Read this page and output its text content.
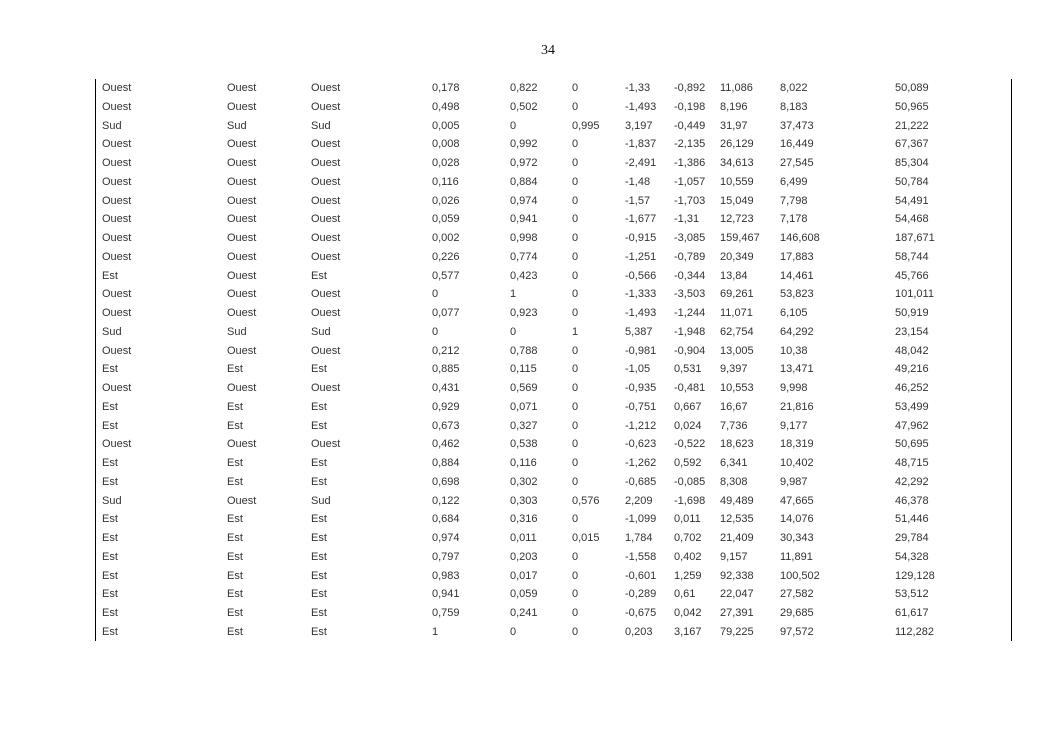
34
	Ouest	Ouest	Ouest	0,178	0,822	0	-1,33	-0,892	11,086	8,022	50,089
	Ouest	Ouest	Ouest	0,498	0,502	0	-1,493	-0,198	8,196	8,183	50,965
	Sud	Sud	Sud	0,005	0	0,995	3,197	-0,449	31,97	37,473	21,222
	Ouest	Ouest	Ouest	0,008	0,992	0	-1,837	-2,135	26,129	16,449	67,367
	Ouest	Ouest	Ouest	0,028	0,972	0	-2,491	-1,386	34,613	27,545	85,304
	Ouest	Ouest	Ouest	0,116	0,884	0	-1,48	-1,057	10,559	6,499	50,784
	Ouest	Ouest	Ouest	0,026	0,974	0	-1,57	-1,703	15,049	7,798	54,491
	Ouest	Ouest	Ouest	0,059	0,941	0	-1,677	-1,31	12,723	7,178	54,468
	Ouest	Ouest	Ouest	0,002	0,998	0	-0,915	-3,085	159,467	146,608	187,671
	Ouest	Ouest	Ouest	0,226	0,774	0	-1,251	-0,789	20,349	17,883	58,744
	Est	Ouest	Est	0,577	0,423	0	-0,566	-0,344	13,84	14,461	45,766
	Ouest	Ouest	Ouest	0	1	0	-1,333	-3,503	69,261	53,823	101,011
	Ouest	Ouest	Ouest	0,077	0,923	0	-1,493	-1,244	11,071	6,105	50,919
	Sud	Sud	Sud	0	0	1	5,387	-1,948	62,754	64,292	23,154
	Ouest	Ouest	Ouest	0,212	0,788	0	-0,981	-0,904	13,005	10,38	48,042
	Est	Est	Est	0,885	0,115	0	-1,05	0,531	9,397	13,471	49,216
	Ouest	Ouest	Ouest	0,431	0,569	0	-0,935	-0,481	10,553	9,998	46,252
	Est	Est	Est	0,929	0,071	0	-0,751	0,667	16,67	21,816	53,499
	Est	Est	Est	0,673	0,327	0	-1,212	0,024	7,736	9,177	47,962
	Ouest	Ouest	Ouest	0,462	0,538	0	-0,623	-0,522	18,623	18,319	50,695
	Est	Est	Est	0,884	0,116	0	-1,262	0,592	6,341	10,402	48,715
	Est	Est	Est	0,698	0,302	0	-0,685	-0,085	8,308	9,987	42,292
	Sud	Ouest	Sud	0,122	0,303	0,576	2,209	-1,698	49,489	47,665	46,378
	Est	Est	Est	0,684	0,316	0	-1,099	0,011	12,535	14,076	51,446
	Est	Est	Est	0,974	0,011	0,015	1,784	0,702	21,409	30,343	29,784
	Est	Est	Est	0,797	0,203	0	-1,558	0,402	9,157	11,891	54,328
	Est	Est	Est	0,983	0,017	0	-0,601	1,259	92,338	100,502	129,128
	Est	Est	Est	0,941	0,059	0	-0,289	0,61	22,047	27,582	53,512
	Est	Est	Est	0,759	0,241	0	-0,675	0,042	27,391	29,685	61,617
	Est	Est	Est	1	0	0	0,203	3,167	79,225	97,572	112,282
